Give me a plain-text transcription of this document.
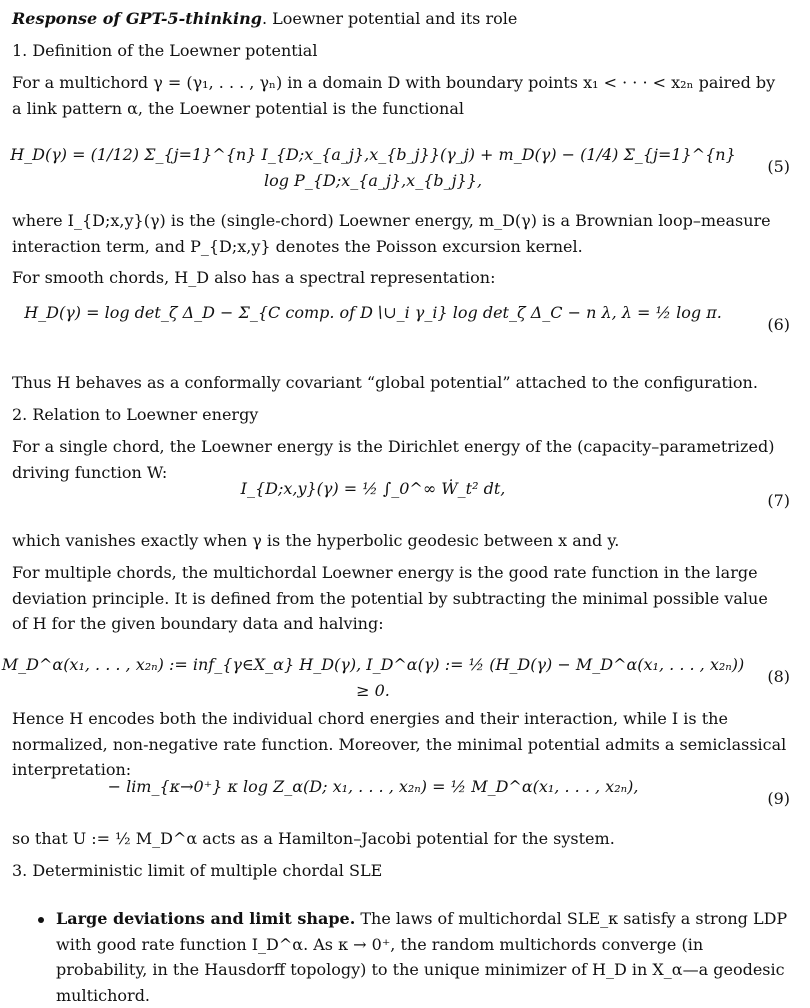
Response of GPT-5-thinking. Loewner potential and its role

1. Definition of the Loewner potential

For a multichord γ = (γ₁, . . . , γₙ) in a domain D with boundary points x₁ < · · · < x₂ₙ paired by a link pattern α, the Loewner potential is the functional

H_D(γ) = (1/12) Σ_{j=1}^{n} I_{D;x_{a_j},x_{b_j}}(γ_j) + m_D(γ) − (1/4) Σ_{j=1}^{n} log P_{D;x_{a_j},x_{b_j}},
(5)

where I_{D;x,y}(γ) is the (single-chord) Loewner energy, m_D(γ) is a Brownian loop–measure interaction term, and P_{D;x,y} denotes the Poisson excursion kernel.

For smooth chords, H_D also has a spectral representation:

H_D(γ) = log det_ζ Δ_D − Σ_{C comp. of D∖∪_i γ_i} log det_ζ Δ_C − n λ, λ = ½ log π.
(6)

Thus H behaves as a conformally covariant “global potential” attached to the configuration.

2. Relation to Loewner energy

For a single chord, the Loewner energy is the Dirichlet energy of the (capacity–parametrized) driving function W:

I_{D;x,y}(γ) = ½ ∫_0^∞ Ẇ_t² dt,
(7)

which vanishes exactly when γ is the hyperbolic geodesic between x and y.

For multiple chords, the multichordal Loewner energy is the good rate function in the large deviation principle. It is defined from the potential by subtracting the minimal possible value of H for the given boundary data and halving:

M_D^α(x₁, . . . , x₂ₙ) := inf_{γ∈X_α} H_D(γ), I_D^α(γ) := ½ (H_D(γ) − M_D^α(x₁, . . . , x₂ₙ)) ≥ 0.
(8)

Hence H encodes both the individual chord energies and their interaction, while I is the normalized, non-negative rate function. Moreover, the minimal potential admits a semiclassical interpretation:

− lim_{κ→0⁺} κ log Z_α(D; x₁, . . . , x₂ₙ) = ½ M_D^α(x₁, . . . , x₂ₙ),
(9)

so that U := ½ M_D^α acts as a Hamilton–Jacobi potential for the system.

3. Deterministic limit of multiple chordal SLE

Large deviations and limit shape. The laws of multichordal SLE_κ satisfy a strong LDP with good rate function I_D^α. As κ → 0⁺, the random multichords converge (in probability, in the Hausdorff topology) to the unique minimizer of H_D in X_α—a geodesic multichord.
